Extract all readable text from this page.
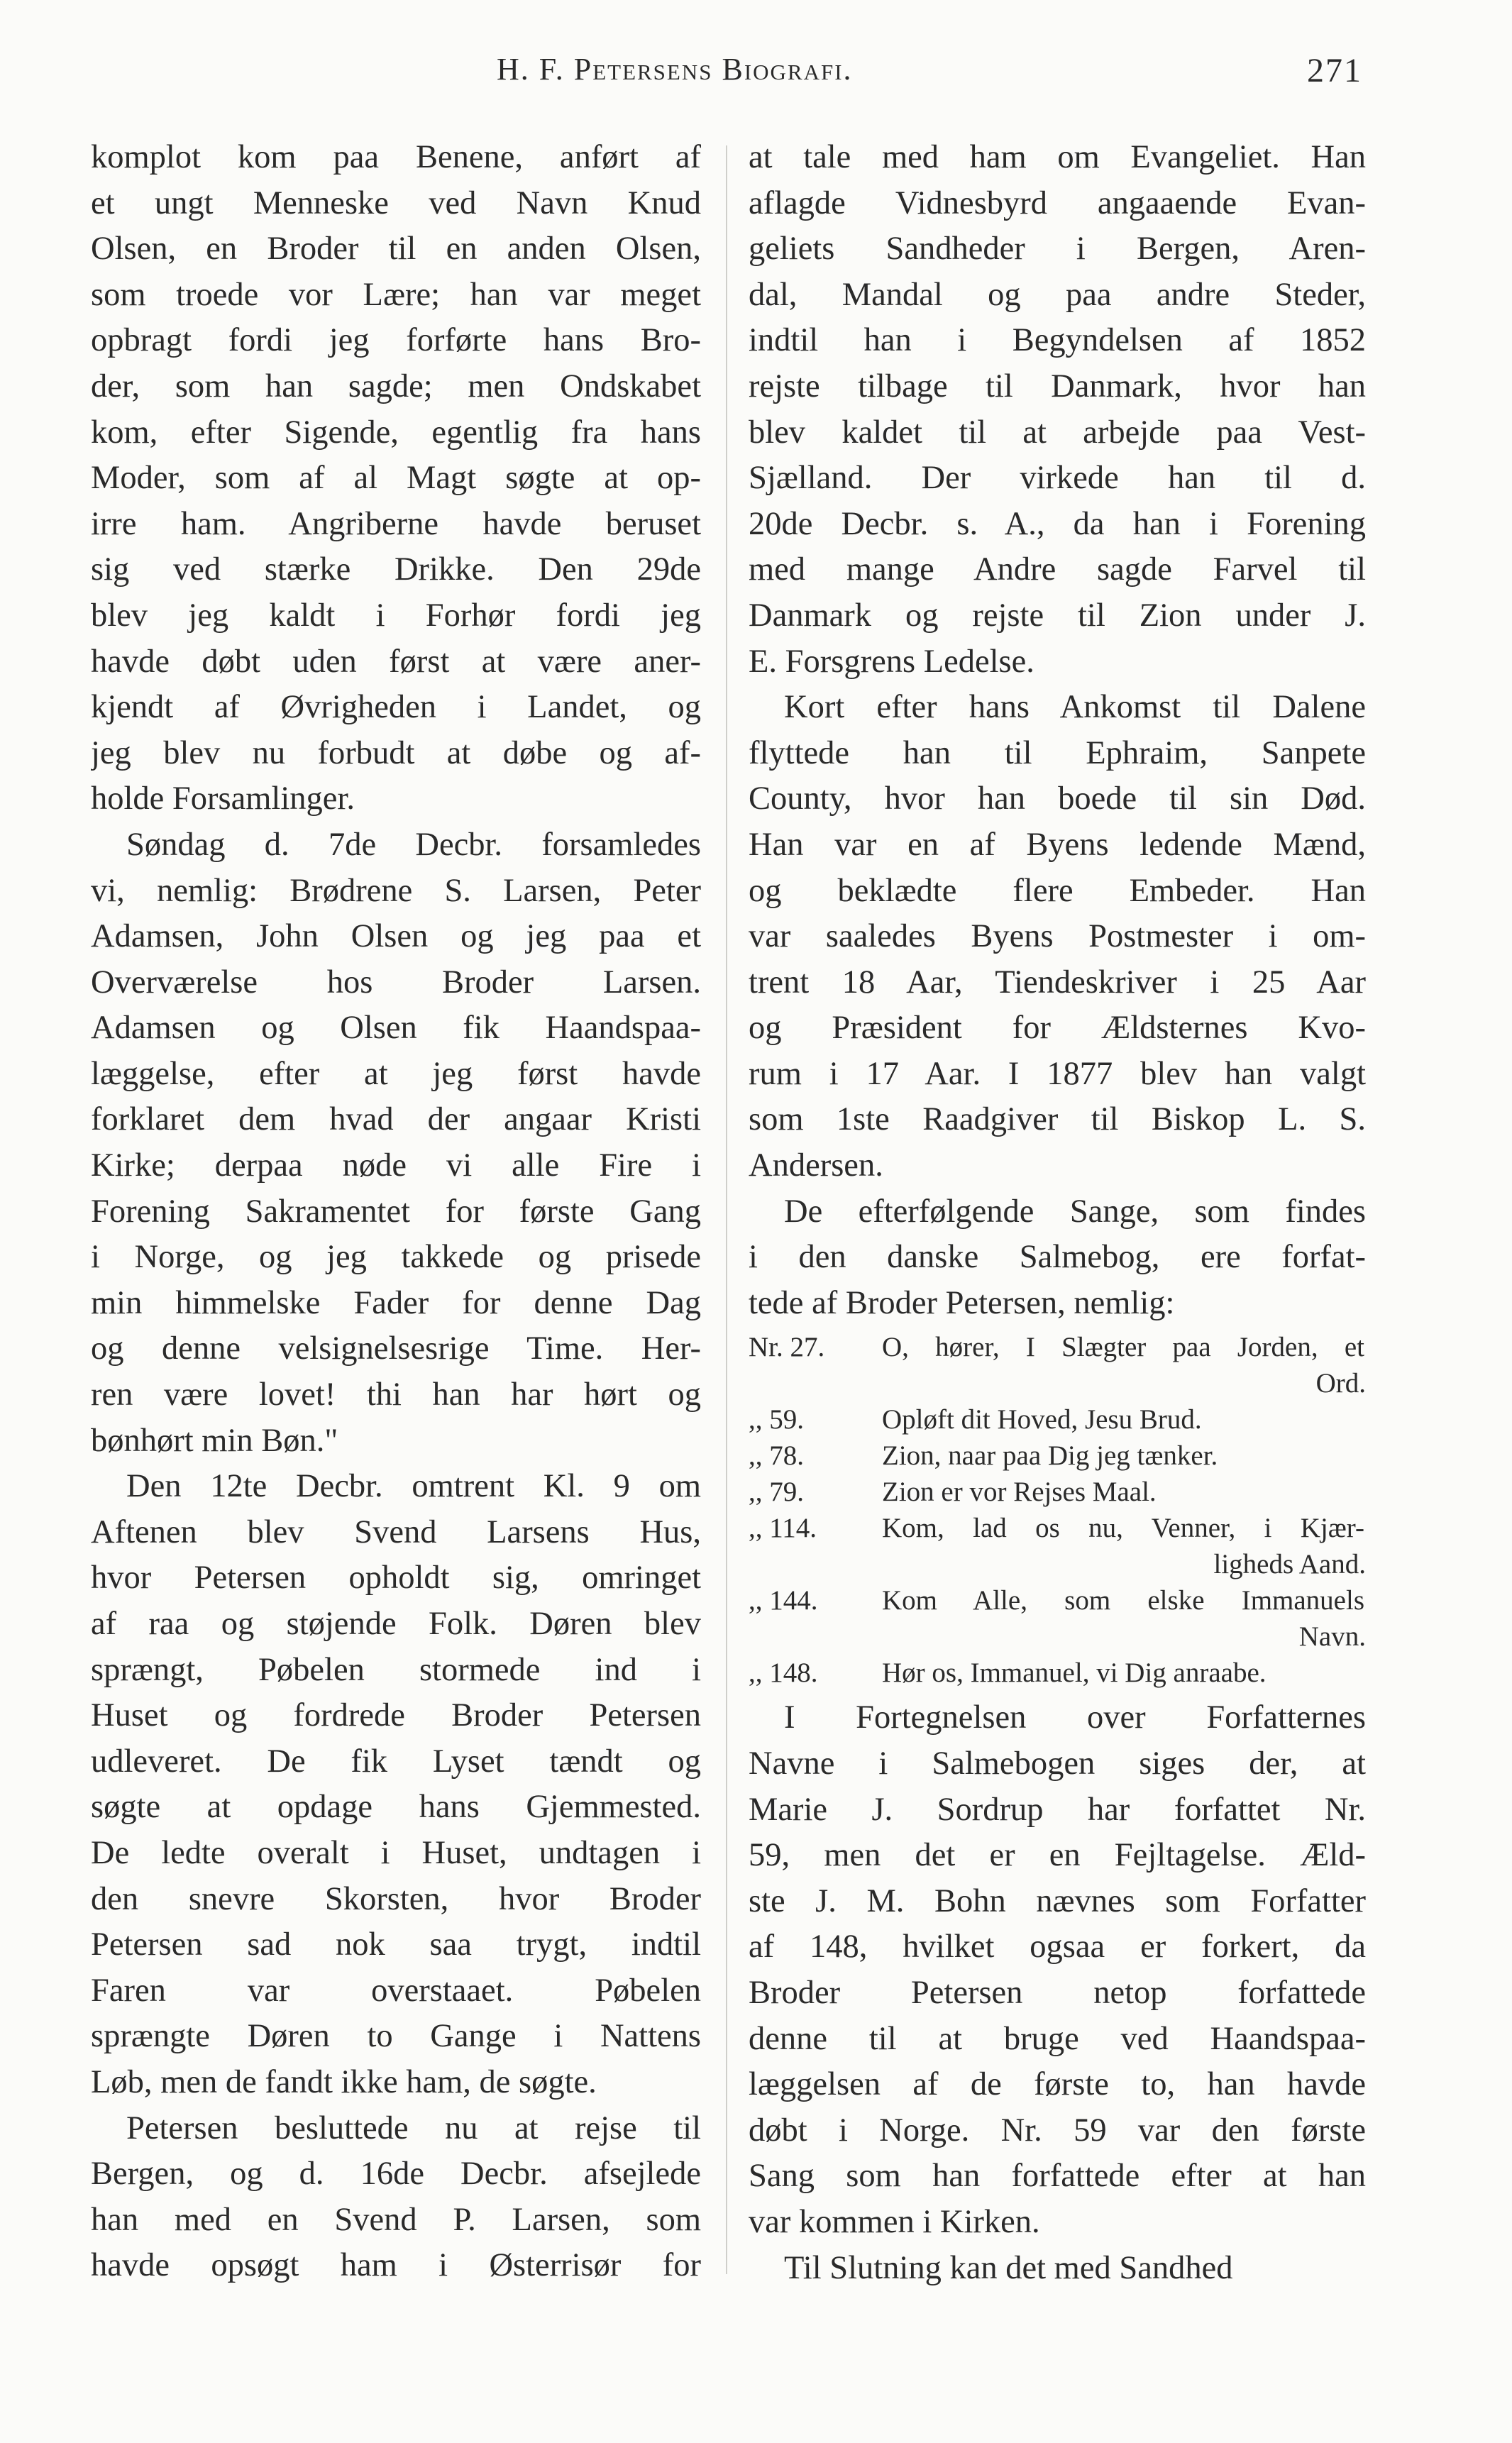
H. F. Petersens Biografi.	271
komplot kom paa Benene, anført af
et ungt Menneske ved Navn Knud
Olsen, en Broder til en anden Olsen,
som troede vor Lære; han var meget
opbragt fordi jeg forførte hans Bro-
der, som han sagde; men Ondskabet
kom, efter Sigende, egentlig fra hans
Moder, som af al Magt søgte at op-
irre ham. Angriberne havde beruset
sig ved stærke Drikke. Den 29de
blev jeg kaldt i Forhør fordi jeg
havde døbt uden først at være aner-
kjendt af Øvrigheden i Landet, og
jeg blev nu forbudt at døbe og af-
holde Forsamlinger.
Søndag d. 7de Decbr. forsamledes
vi, nemlig: Brødrene S. Larsen, Peter
Adamsen, John Olsen og jeg paa et
Overværelse hos Broder Larsen.
Adamsen og Olsen fik Haandspaa-
læggelse, efter at jeg først havde
forklaret dem hvad der angaar Kristi
Kirke; derpaa nøde vi alle Fire i
Forening Sakramentet for første Gang
i Norge, og jeg takkede og prisede
min himmelske Fader for denne Dag
og denne velsignelsesrige Time. Her-
ren være lovet! thi han har hørt og
bønhørt min Bøn."
Den 12te Decbr. omtrent Kl. 9 om
Aftenen blev Svend Larsens Hus,
hvor Petersen opholdt sig, omringet
af raa og støjende Folk. Døren blev
sprængt, Pøbelen stormede ind i
Huset og fordrede Broder Petersen
udleveret. De fik Lyset tændt og
søgte at opdage hans Gjemmested.
De ledte overalt i Huset, undtagen i
den snevre Skorsten, hvor Broder
Petersen sad nok saa trygt, indtil
Faren var overstaaet. Pøbelen
sprængte Døren to Gange i Nattens
Løb, men de fandt ikke ham, de søgte.
Petersen besluttede nu at rejse til
Bergen, og d. 16de Decbr. afsejlede
han med en Svend P. Larsen, som
havde opsøgt ham i Østerrisør for
at tale med ham om Evangeliet. Han
aflagde Vidnesbyrd angaaende Evan-
geliets Sandheder i Bergen, Aren-
dal, Mandal og paa andre Steder,
indtil han i Begyndelsen af 1852
rejste tilbage til Danmark, hvor han
blev kaldet til at arbejde paa Vest-
Sjælland. Der virkede han til d.
20de Decbr. s. A., da han i Forening
med mange Andre sagde Farvel til
Danmark og rejste til Zion under J.
E. Forsgrens Ledelse.
Kort efter hans Ankomst til Dalene
flyttede han til Ephraim, Sanpete
County, hvor han boede til sin Død.
Han var en af Byens ledende Mænd,
og beklædte flere Embeder. Han
var saaledes Byens Postmester i om-
trent 18 Aar, Tiendeskriver i 25 Aar
og Præsident for Ældsternes Kvo-
rum i 17 Aar. I 1877 blev han valgt
som 1ste Raadgiver til Biskop L. S.
Andersen.
De efterfølgende Sange, som findes
i den danske Salmebog, ere forfat-
tede af Broder Petersen, nemlig:
Nr. 27.	O, hører, I Slægter paa Jorden, et
Ord.
,, 59.	Opløft dit Hoved, Jesu Brud.
,, 78.	Zion, naar paa Dig jeg tænker.
,, 79.	Zion er vor Rejses Maal.
,, 114.	Kom, lad os nu, Venner, i Kjær-
ligheds Aand.
,, 144.	Kom Alle, som elske Immanuels
Navn.
,, 148.	Hør os, Immanuel, vi Dig anraabe.
I Fortegnelsen over Forfatternes
Navne i Salmebogen siges der, at
Marie J. Sordrup har forfattet Nr.
59, men det er en Fejltagelse. Æld-
ste J. M. Bohn nævnes som Forfatter
af 148, hvilket ogsaa er forkert, da
Broder Petersen netop forfattede
denne til at bruge ved Haandspaa-
læggelsen af de første to, han havde
døbt i Norge. Nr. 59 var den første
Sang som han forfattede efter at han
var kommen i Kirken.
Til Slutning kan det med Sandhed
